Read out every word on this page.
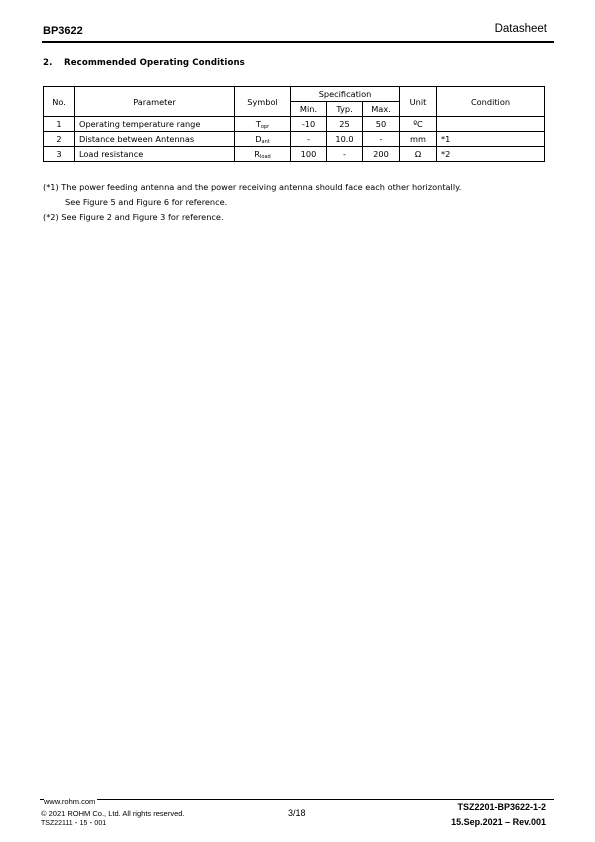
BP3622	Datasheet
2. Recommended Operating Conditions
No.	Parameter	Symbol	Specification			Unit	Condition
			Min.	Typ.	Max.		
1	Operating temperature range	Topr	-10	25	50	ºC	
2	Distance between Antennas	Dant	-	10.0	-	mm	*1
3	Load resistance	Rload	100	-	200	Ω	*2
(*1) The power feeding antenna and the power receiving antenna should face each other horizontally.
See Figure 5 and Figure 6 for reference.
(*2) See Figure 2 and Figure 3 for reference.
www.rohm.com
© 2021 ROHM Co., Ltd. All rights reserved.
TSZ22111・15・001
3/18
TSZ2201-BP3622-1-2
15.Sep.2021 – Rev.001
